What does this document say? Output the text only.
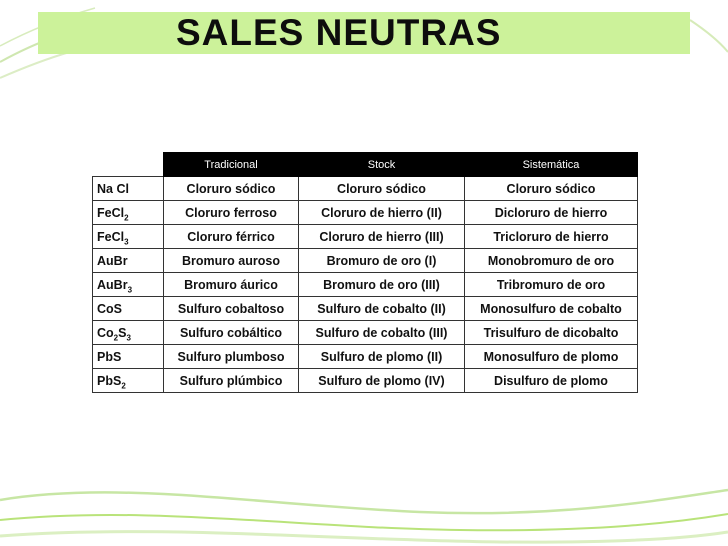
SALES NEUTRAS
	Tradicional	Stock	Sistemática
Na Cl	Cloruro sódico	Cloruro sódico	Cloruro sódico
FeCl$_2$	Cloruro ferroso	Cloruro de hierro (II)	Dicloruro de hierro
FeCl$_3$	Cloruro férrico	Cloruro de hierro (III)	Tricloruro de hierro
AuBr	Bromuro auroso	Bromuro de oro (I)	Monobromuro de oro
AuBr$_3$	Bromuro áurico	Bromuro de oro (III)	Tribromuro de oro
CoS	Sulfuro cobaltoso	Sulfuro de cobalto (II)	Monosulfuro de cobalto
$Co_2S_3$	Sulfuro cobáltico	Sulfuro de cobalto (III)	Trisulfuro de dicobalto
PbS	Sulfuro plumboso	Sulfuro de plomo (II)	Monosulfuro de plomo
PbS$_2$	Sulfuro plúmbico	Sulfuro de plomo (IV)	Disulfuro de plomo
